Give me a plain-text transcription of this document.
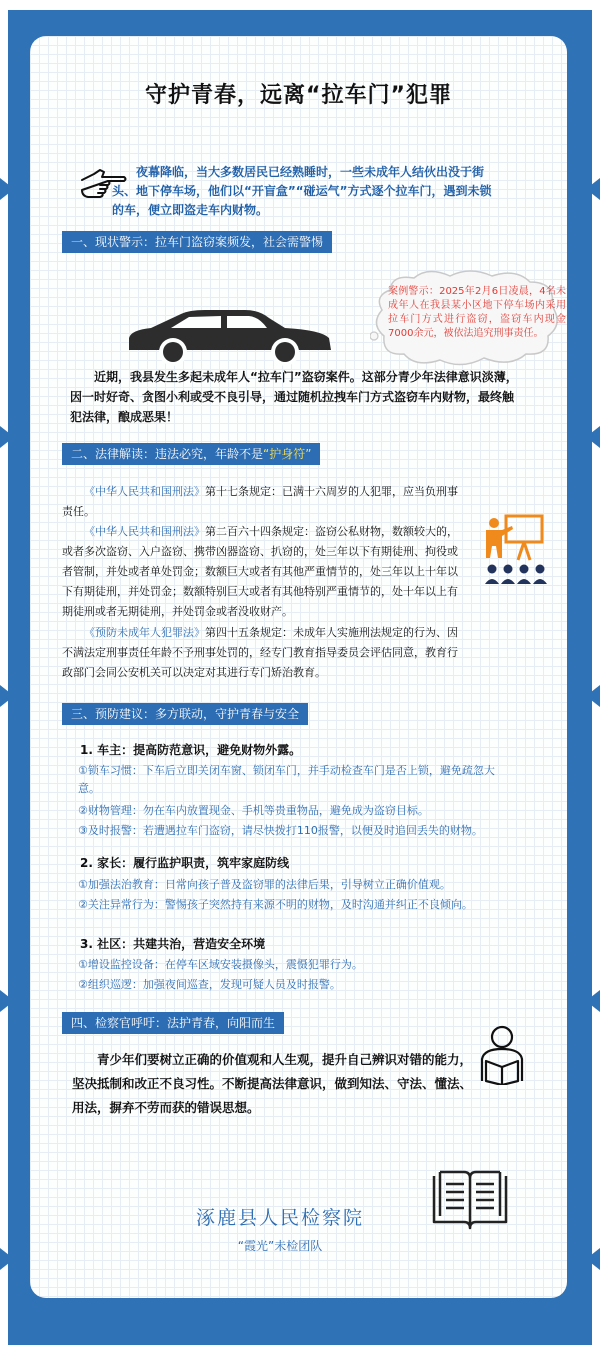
守护青春，远离“拉车门”犯罪
夜幕降临，当大多数居民已经熟睡时，一些未成年人结伙出没于街头、地下停车场，他们以“开盲盒”“碰运气”方式逐个拉车门，遇到未锁的车，便立即盗走车内财物。
一、现状警示：拉车门盗窃案频发，社会需警惕
案例警示：2025年2月6日凌晨，4名未成年人在我县某小区地下停车场内采用拉车门方式进行盗窃，盗窃车内现金7000余元，被依法追究刑事责任。
近期，我县发生多起未成年人“拉车门”盗窃案件。这部分青少年法律意识淡薄，因一时好奇、贪图小利或受不良引导，通过随机拉拽车门方式盗窃车内财物，最终触犯法律，酿成恶果！
二、法律解读：违法必究，年龄不是“护身符”
《中华人民共和国刑法》第十七条规定：已满十六周岁的人犯罪，应当负刑事责任。
《中华人民共和国刑法》第二百六十四条规定：盗窃公私财物，数额较大的，或者多次盗窃、入户盗窃、携带凶器盗窃、扒窃的，处三年以下有期徒刑、拘役或者管制，并处或者单处罚金；数额巨大或者有其他严重情节的，处三年以上十年以下有期徒刑，并处罚金；数额特别巨大或者有其他特别严重情节的，处十年以上有期徒刑或者无期徒刑，并处罚金或者没收财产。
《预防未成年人犯罪法》第四十五条规定：未成年人实施刑法规定的行为、因不满法定刑事责任年龄不予刑事处罚的，经专门教育指导委员会评估同意，教育行政部门会同公安机关可以决定对其进行专门矫治教育。
三、预防建议：多方联动，守护青春与安全
1. 车主：提高防范意识，避免财物外露。
①锁车习惯：下车后立即关闭车窗、锁闭车门，并手动检查车门是否上锁，避免疏忽大意。
②财物管理：勿在车内放置现金、手机等贵重物品，避免成为盗窃目标。
③及时报警：若遭遇拉车门盗窃，请尽快拨打110报警，以便及时追回丢失的财物。
2. 家长：履行监护职责，筑牢家庭防线
①加强法治教育：日常向孩子普及盗窃罪的法律后果，引导树立正确价值观。
②关注异常行为：警惕孩子突然持有来源不明的财物，及时沟通并纠正不良倾向。
3. 社区：共建共治，营造安全环境
①增设监控设备：在停车区域安装摄像头，震慑犯罪行为。
②组织巡逻：加强夜间巡查，发现可疑人员及时报警。
四、检察官呼吁：法护青春，向阳而生
青少年们要树立正确的价值观和人生观，提升自己辨识对错的能力，坚决抵制和改正不良习性。不断提高法律意识，做到知法、守法、懂法、用法，摒弃不劳而获的错误思想。
涿鹿县人民检察院
“霞光”未检团队
